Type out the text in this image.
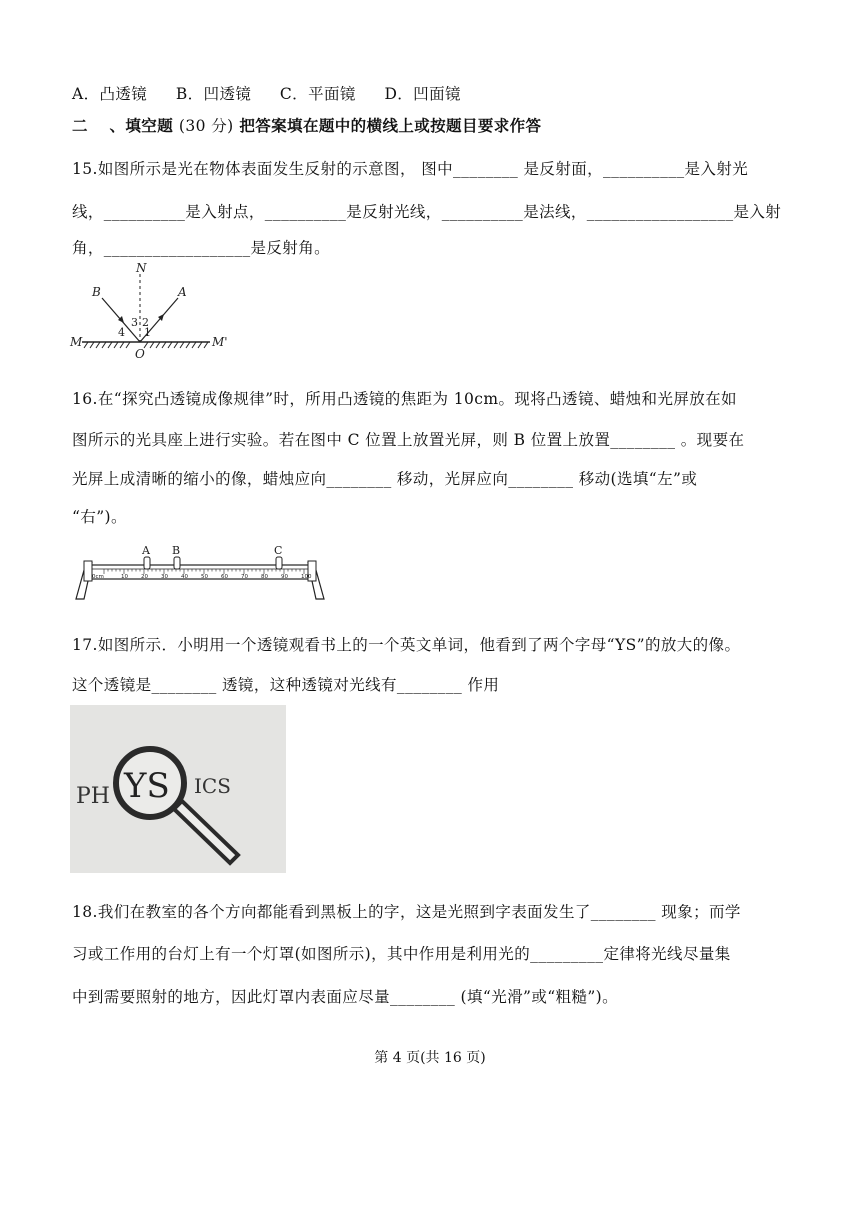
A．凸透镜 B．凹透镜 C．平面镜 D．凹面镜
二 、填空题 (30 分) 把答案填在题中的横线上或按题目要求作答
15.如图所示是光在物体表面发生反射的示意图， 图中________ 是反射面，__________是入射光
线，__________是入射点，__________是反射光线，__________是法线，__________________是入射
角，__________________是反射角。
N
B	A
M	M'
O
1
2
3
4
16.在“探究凸透镜成像规律”时，所用凸透镜的焦距为 10cm。现将凸透镜、蜡烛和光屏放在如
图所示的光具座上进行实验。若在图中 C 位置上放置光屏，则 B 位置上放置________ 。现要在
光屏上成清晰的缩小的像，蜡烛应向________ 移动，光屏应向________ 移动(选填“左”或
“右”)。
10 20 30 40 50 60 70 80 90 100
A B	C
0cm
17.如图所示．小明用一个透镜观看书上的一个英文单词，他看到了两个字母“YS”的放大的像。
这个透镜是________ 透镜，这种透镜对光线有________ 作用
PH YS ICS
18.我们在教室的各个方向都能看到黑板上的字，这是光照到字表面发生了________ 现象；而学
习或工作用的台灯上有一个灯罩(如图所示)，其中作用是利用光的_________定律将光线尽量集
中到需要照射的地方，因此灯罩内表面应尽量________ (填“光滑”或“粗糙”)。
第 4 页(共 16 页)
